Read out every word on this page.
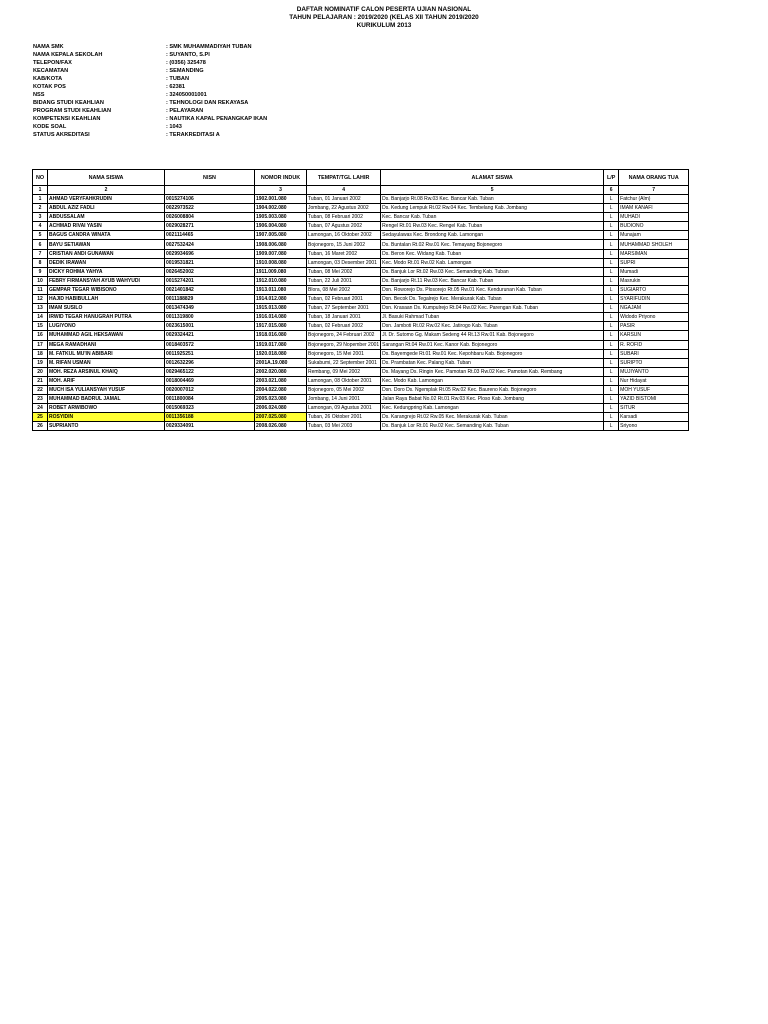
DAFTAR NOMINATIF CALON PESERTA UJIAN NASIONAL
TAHUN PELAJARAN : 2019/2020 (KELAS XII TAHUN 2019/2020
KURIKULUM 2013
NAMA SMK	: SMK MUHAMMADIYAH TUBAN
NAMA KEPALA SEKOLAH	: SUYANTO, S.PI
TELEPON/FAX	: (0356) 325478
KECAMATAN	: SEMANDING
KAB/KOTA	: TUBAN
KOTAK POS	: 62381
NSS	: 324050001001
BIDANG STUDI KEAHLIAN	: TEHNOLOGI DAN REKAYASA
PROGRAM STUDI KEAHLIAN	: PELAYARAN
KOMPETENSI KEAHLIAN	: NAUTIKA KAPAL PENANGKAP IKAN
KODE SOAL	: 1043
STATUS AKREDITASI	: TERAKREDITASI A
NO	NAMA SISWA	NISN	NOMOR INDUK	TEMPAT/TGL LAHIR	ALAMAT SISWA	L/P	NAMA ORANG TUA
1	2		3	4	5	6	7
1	AHMAD VERYFAHKRUDIN	0015274106	1902.001.080	Tuban, 01 Januari 2002	Ds. Banjarjo Rt.08 Rw.03 Kec. Bancar Kab. Tuban	L	Fatchur (Alm)
2	ABDUL AZIZ FADLI	0022973522	1904.002.080	Jombang, 22 Agustus 2002	Ds. Kedung Lempuk Rt.02 Rw.04 Kec. Tembelang Kab. Jombang	L	IMAM KANAFI
3	ABDUSSALAM	0026008804	1905.003.080	Tuban, 08 Februari 2002	Kec. Bancar Kab. Tuban	L	MUHADI
4	ACHMAD RIVAI YASIN	0029028271	1906.004.080	Tuban, 07 Agustus 2002	Rengel Rt.01 Rw.03 Kec. Rengel Kab. Tuban	L	BUDIONO
5	BAGUS CANDRA WINATA	0021114465	1907.005.080	Lamongan, 16 Oktober 2002	Sedayulawas Kec. Brondong Kab. Lamongan	L	Munajam
6	BAYU SETIAWAN	0027532424	1908.006.080	Bojonegoro, 15 Juni 2002	Ds. Buntalan Rt.02 Rw.01 Kec. Temayang Bojonegoro	L	MUHAMMAD SHOLEH
7	CRISTIAN ANDI GUNAWAN	0029934696	1909.007.080	Tuban, 16 Maret 2002	Ds. Beron Kec. Widang Kab. Tuban	L	MARSIMAN
8	DEDIK IRAWAN	0019531821	1910.008.080	Lamongan, 03 Desember 2001	Kec. Modo Rt.01 Rw.02 Kab. Lamongan	L	SUPRI
9	DICKY ROHMA YAHYA	0026452002	1911.009.080	Tuban, 08 Mei 2002	Ds. Banjuk Lor Rt.02 Rw.03 Kec. Semanding Kab. Tuban	L	Mumadi
10	FEBRY FIRMANSYAH AYUB WAHYUDI	0015274201	1912.010.080	Tuban, 22 Juli 2001	Ds. Banjarjo Rt.11 Rw.03 Kec. Bancar Kab. Tuban	L	Masrukin
11	GEMPAR TEGAR WIBISONO	0021401842	1913.011.080	Blora, 08 Mei 2002	Dsn. Roworejo Ds. Plosorejo Rt.05 Rw.01 Kec. Kendurunan Kab. Tuban	L	SUGIARTO
12	HAJID HABIBULLAH	0011188829	1914.012.080	Tuban, 02 Februari 2001	Dsn. Becok Ds. Tegalrejo Kec. Merakurak Kab. Tuban	L	SYARIFUDIN
13	IMAM SUSILO	0013474349	1915.013.080	Tuban, 27 September 2001	Dsn. Krasaan Ds. Kumpulrejo Rt.04 Rw.02 Kec. Parengan Kab. Tuban	L	NGAJAM
14	IRWID TEGAR HANUGRAH PUTRA	0011319800	1916.014.080	Tuban, 18 Januari 2001	Jl. Basuki Rahmad Tuban	L	Widodo Priyono
15	LUGIYONO	0023615001	1917.015.080	Tuban, 02 Februari 2002	Dsn. Jamboti Rt.02 Rw.02 Kec. Jatirogo Kab. Tuban	L	PASIR
16	MUHAMMAD AGIL HEKSAWAN	0029324421	1918.016.080	Bojonegoro, 24 Februari 2002	Jl. Dr. Sutomo Gg. Makam Sedeng 44 Rt.13 Rw.01 Kab. Bojonegoro	L	KARSUN
17	MEGA RAMADHANI	0018403572	1919.017.080	Bojonegoro, 29 Nopember 2001	Sarangan Rt.04 Rw.01 Kec. Kanor Kab. Bojonegoro	L	R. ROFID
18	M. FATKUL MU'IN ABIBARI	0011925251	1920.018.080	Bojonegoro, 15 Mei 2001	Ds. Bayemgede Rt.01 Rw.01 Kec. Kepohbaru Kab. Bojonegoro	L	SUBARI
19	M. RIFAN USMAN	0012632296	2001A.19.080	Sukabumi, 22 September 2001	Ds. Prambatan Kec. Palang Kab. Tuban	L	SURIPTO
20	MOH. REZA ARSINUL KHAIQ	0029465122	2002.020.080	Rembang, 09 Mei 2002	Ds. Mayang Ds. Ringin Kec. Pamotan Rt.03 Rw.02 Kec. Pamotan Kab. Rembang	L	MUJIYANTO
21	MOH. ARIF	0018004469	2003.021.080	Lamongan, 08 Oktober 2001	Kec. Modo Kab. Lamongan	L	Nur Hidayat
22	MUCH ISA YULIANSYAH YUSUF	0020007012	2004.022.080	Bojonegoro, 05 Mei 2002	Dsn. Doro Ds. Ngemplak Rt.05 Rw.02 Kec. Baureno Kab. Bojonegoro	L	MOH YUSUF
23	MUHAMMAD BADRUL JAMAL	0011800084	2005.023.080	Jombang, 14 Juni 2001	Jalan Raya Babat No.02 Rt.01 Rw.03 Kec. Ploso Kab. Jombang	L	YAZID BISTOMI
24	ROBET ARWIBOWO	0015069323	2006.024.080	Lamongan, 09 Agustus 2001	Kec. Kedungpring Kab. Lamongan	L	SITUR
25	ROSYIDIN	0011356188	2007.025.080	Tuban, 26 Oktober 2001	Ds. Karangrejo Rt.02 Rw.05 Kec. Merakurak Kab. Tuban	L	Karsadi
26	SUPRIANTO	0029334091	2008.026.080	Tuban, 03 Mei 2003	Ds. Banjuk Lor Rt.01 Rw.02 Kec. Semanding Kab. Tuban	L	Sriyono
